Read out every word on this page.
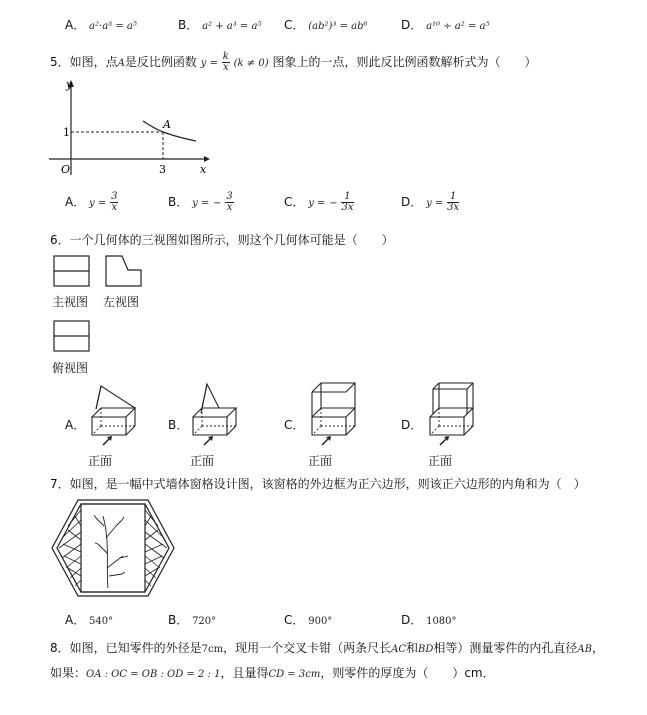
A． a²·a³ = a⁵	B． a² + a³ = a⁵ C． (ab²)³ = ab⁶	D． a¹⁰ ÷ a² = a⁵
5．如图，点A是反比例函数 $y = \frac{k}{x} (k \ne 0)$ 图象上的一点，则此反比例函数解析式为（　　）
y
x
O
1
3
A
A． $y = \frac{3}{x}$	B． y = − $\frac{3}{x}$	C． y = − $\frac{1}{3x}$	D． $y = \frac{1}{3x}$
6．一个几何体的三视图如图所示，则这个几何体可能是（　　）
主视图 左视图
俯视图
A．
正面
B．
正面
C．
正面
D．
正面
7．如图，是一幅中式墙体窗格设计图，该窗格的外边框为正六边形，则该正六边形的内角和为（　）
A． 540°	B． 720°	C． 900°	D． 1080°
8．如图，已知零件的外径是7cm，现用一个交叉卡钳（两条尺长AC和BD相等）测量零件的内孔直径AB，
如果：OA : OC = OB : OD = 2 : 1，且量得CD = 3cm，则零件的厚度为（　　）cm．
